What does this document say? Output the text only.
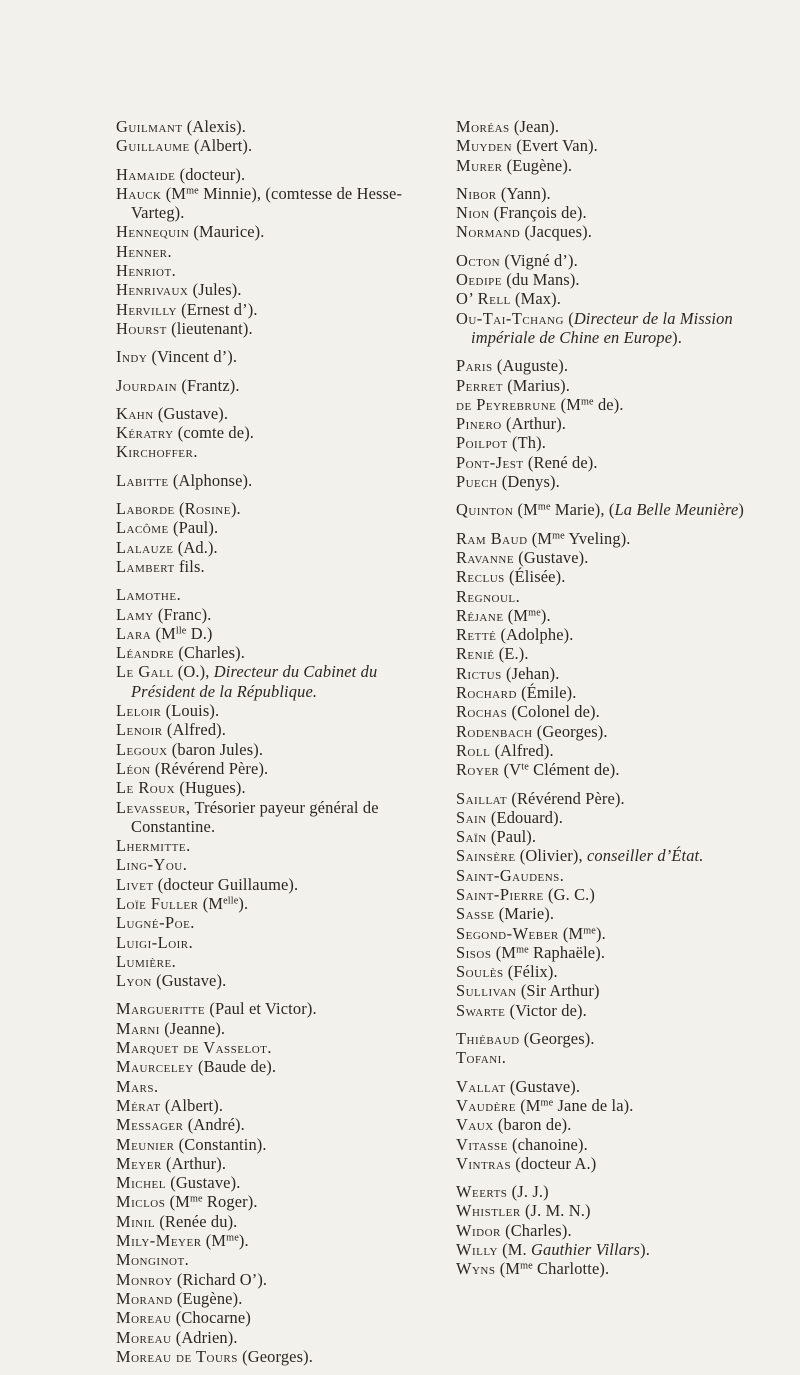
Guilmant (Alexis).

Guillaume (Albert).

Hamaide (docteur).

Hauck ($M^{me}$ Minnie), (comtesse de Hesse-Varteg).

Hennequin (Maurice).

Henner.

Henriot.

Henrivaux (Jules).

Hervilly (Ernest d’).

Hourst (lieutenant).

Indy (Vincent d’).

Jourdain (Frantz).

Kahn (Gustave).

Kératry (comte de).

Kirchoffer.

Labitte (Alphonse).

Laborde (Rosine).

Lacôme (Paul).

Lalauze (Ad.).

Lambert fils.

Lamothe.

Lamy (Franc).

Lara ($M^{lle}$ D.)

Léandre (Charles).

Le Gall (O.), Directeur du Cabinet du Président de la République.

Leloir (Louis).

Lenoir (Alfred).

Legoux (baron Jules).

Léon (Révérend Père).

Le Roux (Hugues).

Levasseur, Trésorier payeur général de Constantine.

Lhermitte.

Ling-You.

Livet (docteur Guillaume).

Loïe Fuller $(M^{elle})$.

Lugné-Poe.

Luigi-Loir.

Lumière.

Lyon (Gustave).

Margueritte (Paul et Victor).

Marni (Jeanne).

Marquet de Vasselot.

Maurceley (Baude de).

Mars.

Mérat (Albert).

Messager (André).

Meunier (Constantin).

Meyer (Arthur).

Michel (Gustave).

Miclos ($M^{me}$ Roger).

Minil (Renée du).

Mily-Meyer $(M^{me})$.

Monginot.

Monroy (Richard O’).

Morand (Eugène).

Moreau (Chocarne)

Moreau (Adrien).

Moreau de Tours (Georges).

Moréas (Jean).

Muyden (Evert Van).

Murer (Eugène).

Nibor (Yann).

Nion (François de).

Normand (Jacques).

Octon (Vigné d’).

Oedipe (du Mans).

O’ Rell (Max).

Ou-Tai-Tchang (Directeur de la Mission impériale de Chine en Europe).

Paris (Auguste).

Perret (Marius).

de Peyrebrune ($M^{me}$ de).

Pinero (Arthur).

Poilpot (Th).

Pont-Jest (René de).

Puech (Denys).

Quinton ($M^{me}$ Marie), (La Belle Meunière)

Ram Baud ($M^{me}$ Yveling).

Ravanne (Gustave).

Reclus (Élisée).

Regnoul.

Réjane $(M^{me})$.

Retté (Adolphe).

Renié (E.).

Rictus (Jehan).

Rochard (Émile).

Rochas (Colonel de).

Rodenbach (Georges).

Roll (Alfred).

Royer ($V^{te}$ Clément de).

Saillat (Révérend Père).

Sain (Edouard).

Saïn (Paul).

Sainsère (Olivier), conseiller d’État.

Saint-Gaudens.

Saint-Pierre (G. C.)

Sasse (Marie).

Segond-Weber $(M^{me})$.

Sisos ($M^{me}$ Raphaële).

Soulès (Félix).

Sullivan (Sir Arthur)

Swarte (Victor de).

Thiébaud (Georges).

Tofani.

Vallat (Gustave).

Vaudère ($M^{me}$ Jane de la).

Vaux (baron de).

Vitasse (chanoine).

Vintras (docteur A.)

Weerts (J. J.)

Whistler (J. M. N.)

Widor (Charles).

Willy (M. Gauthier Villars).

Wyns ($M^{me}$ Charlotte).
